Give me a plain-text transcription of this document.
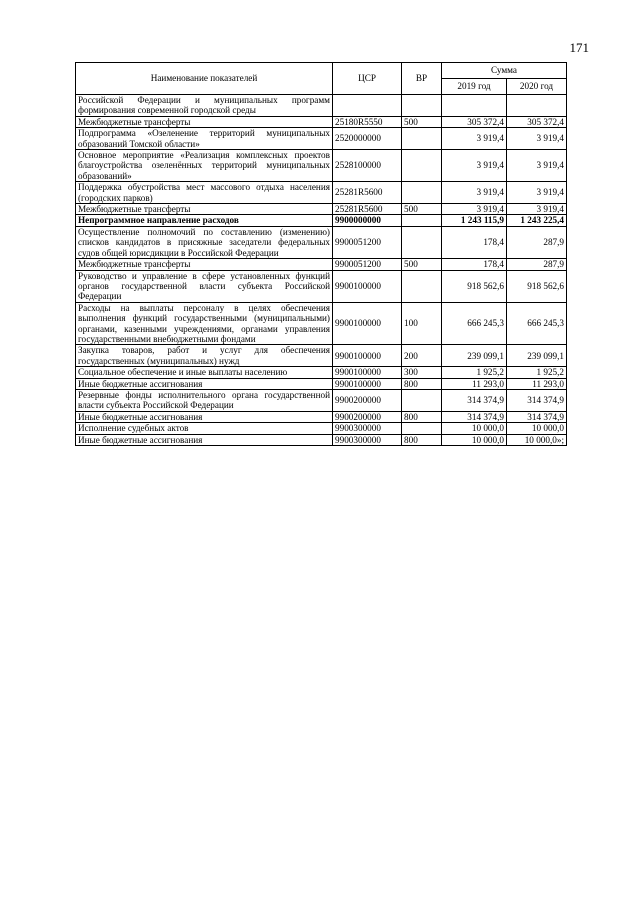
171
Наименование показателей	ЦСР	ВР	Сумма	
			2019 год	2020 год
Российской Федерации и муниципальных программ формирования современной городской среды				
Межбюджетные трансферты	25180R5550	500	305 372,4	305 372,4
Подпрограмма «Озеленение территорий муниципальных образований Томской области»	2520000000		3 919,4	3 919,4
Основное мероприятие «Реализация комплексных проектов благоустройства озеленённых территорий муниципальных образований»	2528100000		3 919,4	3 919,4
Поддержка обустройства мест массового отдыха населения (городских парков)	25281R5600		3 919,4	3 919,4
Межбюджетные трансферты	25281R5600	500	3 919,4	3 919,4
Непрограммное направление расходов	9900000000		1 243 115,9	1 243 225,4
Осуществление полномочий по составлению (изменению) списков кандидатов в присяжные заседатели федеральных судов общей юрисдикции в Российской Федерации	9900051200		178,4	287,9
Межбюджетные трансферты	9900051200	500	178,4	287,9
Руководство и управление в сфере установленных функций органов государственной власти субъекта Российской Федерации	9900100000		918 562,6	918 562,6
Расходы на выплаты персоналу в целях обеспечения выполнения функций государственными (муниципальными) органами, казенными учреждениями, органами управления государственными внебюджетными фондами	9900100000	100	666 245,3	666 245,3
Закупка товаров, работ и услуг для обеспечения государственных (муниципальных) нужд	9900100000	200	239 099,1	239 099,1
Социальное обеспечение и иные выплаты населению	9900100000	300	1 925,2	1 925,2
Иные бюджетные ассигнования	9900100000	800	11 293,0	11 293,0
Резервные фонды исполнительного органа государственной власти субъекта Российской Федерации	9900200000		314 374,9	314 374,9
Иные бюджетные ассигнования	9900200000	800	314 374,9	314 374,9
Исполнение судебных актов	9900300000		10 000,0	10 000,0
Иные бюджетные ассигнования	9900300000	800	10 000,0	10 000,0»;
